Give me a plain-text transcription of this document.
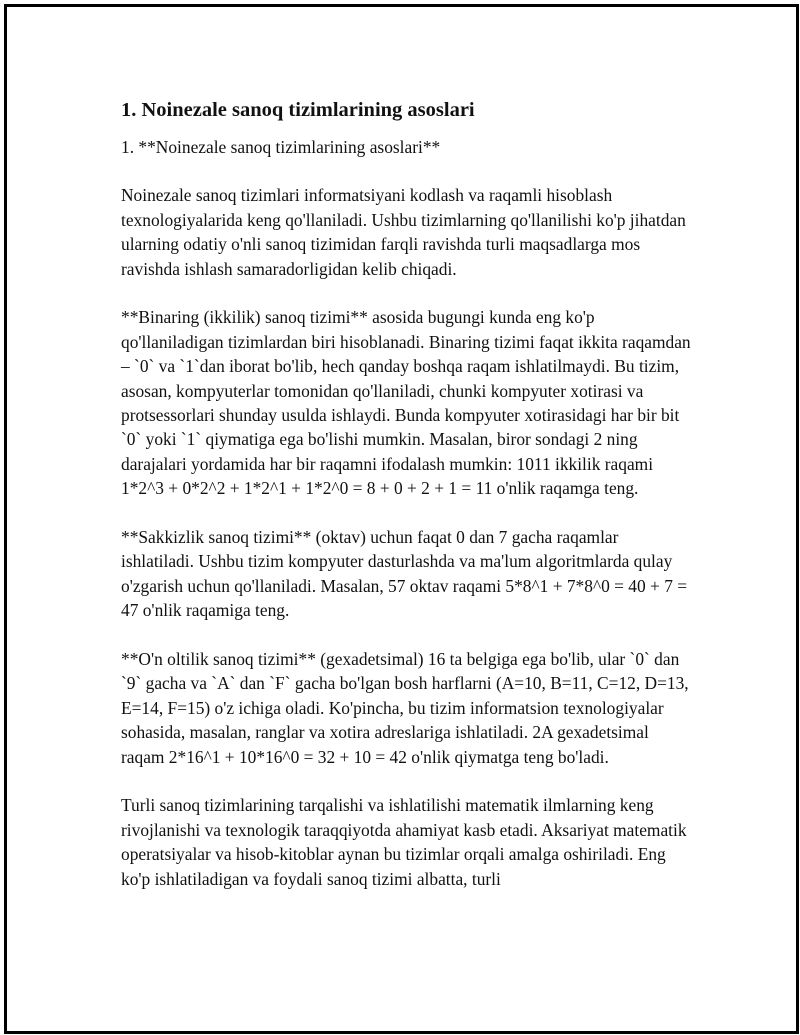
1. Noinezale sanoq tizimlarining asoslari

1. **Noinezale sanoq tizimlarining asoslari**

Noinezale sanoq tizimlari informatsiyani kodlash va raqamli hisoblash texnologiyalarida keng qo'llaniladi. Ushbu tizimlarning qo'llanilishi ko'p jihatdan ularning odatiy o'nli sanoq tizimidan farqli ravishda turli maqsadlarga mos ravishda ishlash samaradorligidan kelib chiqadi.

**Binaring (ikkilik) sanoq tizimi** asosida bugungi kunda eng ko'p qo'llaniladigan tizimlardan biri hisoblanadi. Binaring tizimi faqat ikkita raqamdan – `0` va `1`dan iborat bo'lib, hech qanday boshqa raqam ishlatilmaydi. Bu tizim, asosan, kompyuterlar tomonidan qo'llaniladi, chunki kompyuter xotirasi va protsessorlari shunday usulda ishlaydi. Bunda kompyuter xotirasidagi har bir bit `0` yoki `1` qiymatiga ega bo'lishi mumkin. Masalan, biror sondagi 2 ning darajalari yordamida har bir raqamni ifodalash mumkin: 1011 ikkilik raqami 1*2^3 + 0*2^2 + 1*2^1 + 1*2^0 = 8 + 0 + 2 + 1 = 11 o'nlik raqamga teng.

**Sakkizlik sanoq tizimi** (oktav) uchun faqat 0 dan 7 gacha raqamlar ishlatiladi. Ushbu tizim kompyuter dasturlashda va ma'lum algoritmlarda qulay o'zgarish uchun qo'llaniladi. Masalan, 57 oktav raqami 5*8^1 + 7*8^0 = 40 + 7 = 47 o'nlik raqamiga teng.

**O'n oltilik sanoq tizimi** (gexadetsimal) 16 ta belgiga ega bo'lib, ular `0` dan `9` gacha va `A` dan `F` gacha bo'lgan bosh harflarni (A=10, B=11, C=12, D=13, E=14, F=15) o'z ichiga oladi. Ko'pincha, bu tizim informatsion texnologiyalar sohasida, masalan, ranglar va xotira adreslariga ishlatiladi. 2A gexadetsimal raqam 2*16^1 + 10*16^0 = 32 + 10 = 42 o'nlik qiymatga teng bo'ladi.

Turli sanoq tizimlarining tarqalishi va ishlatilishi matematik ilmlarning keng rivojlanishi va texnologik taraqqiyotda ahamiyat kasb etadi. Aksariyat matematik operatsiyalar va hisob-kitoblar aynan bu tizimlar orqali amalga oshiriladi. Eng ko'p ishlatiladigan va foydali sanoq tizimi albatta, turli
